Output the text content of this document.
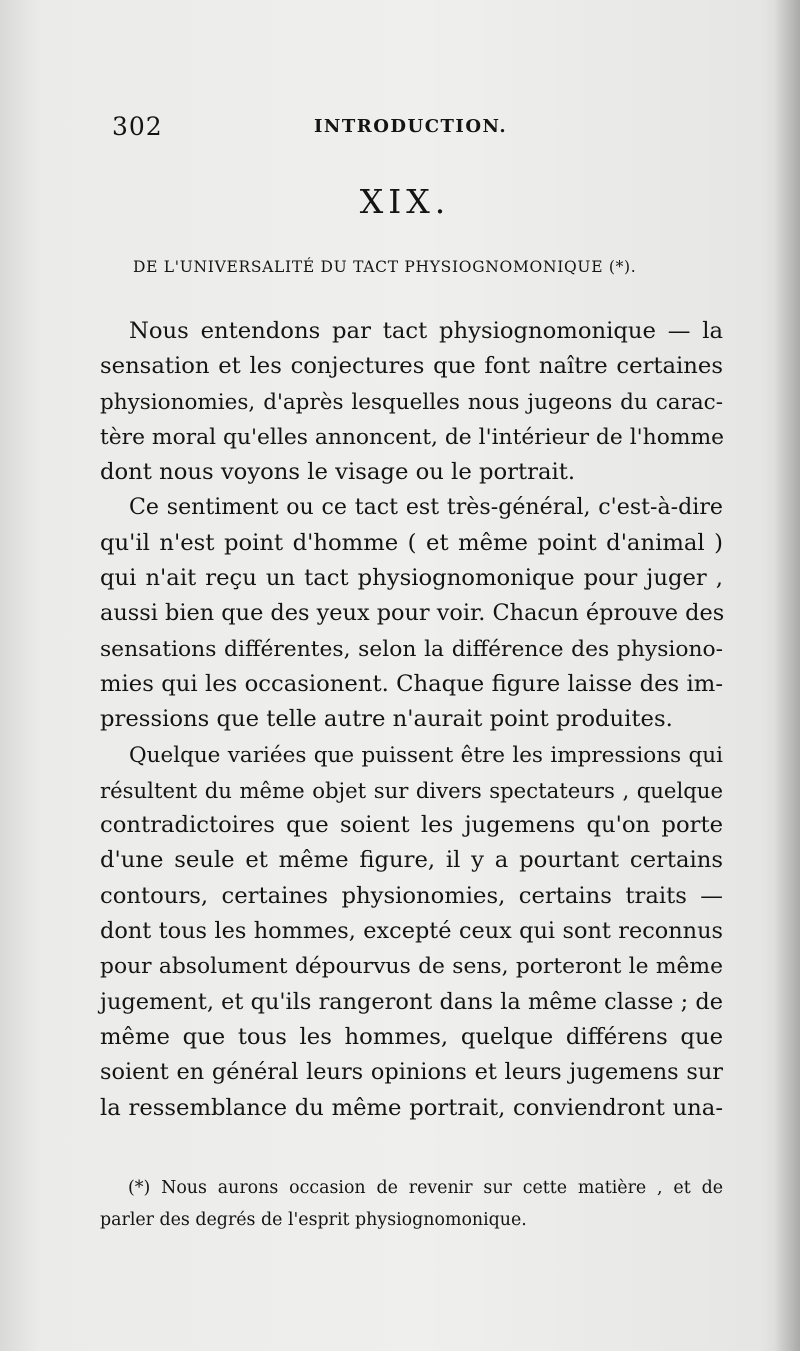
302	INTRODUCTION.
XIX.
DE L'UNIVERSALITÉ DU TACT PHYSIOGNOMONIQUE (*).

Nous entendons par tact physiognomonique — la
sensation et les conjectures que font naître certaines
physionomies, d'après lesquelles nous jugeons du carac-
tère moral qu'elles annoncent, de l'intérieur de l'homme
dont nous voyons le visage ou le portrait.

Ce sentiment ou ce tact est très-général, c'est-à-dire
qu'il n'est point d'homme ( et même point d'animal )
qui n'ait reçu un tact physiognomonique pour juger ,
aussi bien que des yeux pour voir. Chacun éprouve des
sensations différentes, selon la différence des physiono-
mies qui les occasionent. Chaque figure laisse des im-
pressions que telle autre n'aurait point produites.

Quelque variées que puissent être les impressions qui
résultent du même objet sur divers spectateurs , quelque
contradictoires que soient les jugemens qu'on porte
d'une seule et même figure, il y a pourtant certains
contours, certaines physionomies, certains traits —
dont tous les hommes, excepté ceux qui sont reconnus
pour absolument dépourvus de sens, porteront le même
jugement, et qu'ils rangeront dans la même classe ; de
même que tous les hommes, quelque différens que
soient en général leurs opinions et leurs jugemens sur
la ressemblance du même portrait, conviendront una-

(*) Nous aurons occasion de revenir sur cette matière , et de
parler des degrés de l'esprit physiognomonique.
